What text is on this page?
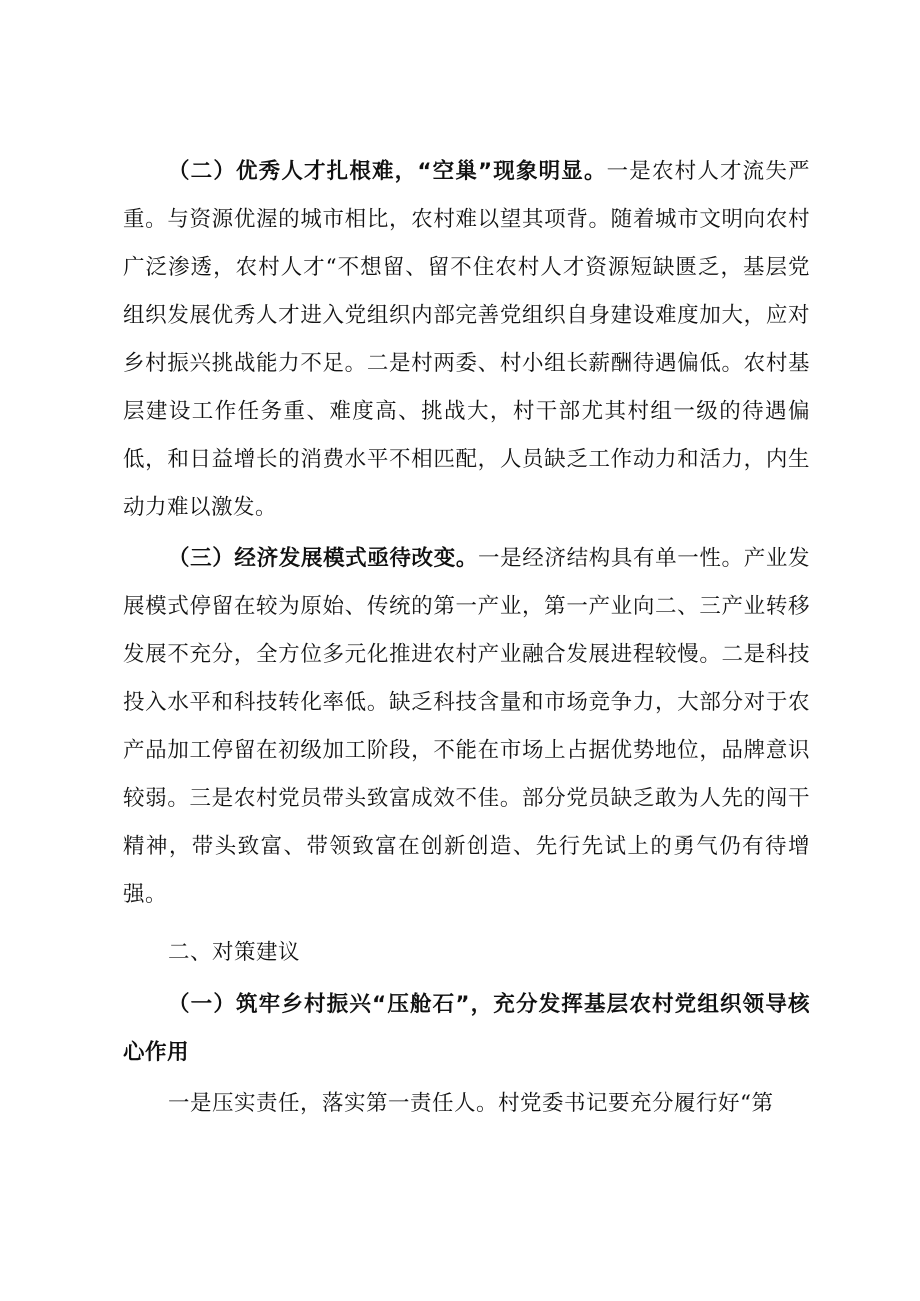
（二）优秀人才扎根难，“空巢”现象明显。一是农村人才流失严重。与资源优渥的城市相比，农村难以望其项背。随着城市文明向农村广泛渗透，农村人才“不想留、留不住农村人才资源短缺匮乏，基层党组织发展优秀人才进入党组织内部完善党组织自身建设难度加大，应对乡村振兴挑战能力不足。二是村两委、村小组长薪酬待遇偏低。农村基层建设工作任务重、难度高、挑战大，村干部尤其村组一级的待遇偏低，和日益增长的消费水平不相匹配，人员缺乏工作动力和活力，内生动力难以激发。

（三）经济发展模式亟待改变。一是经济结构具有单一性。产业发展模式停留在较为原始、传统的第一产业，第一产业向二、三产业转移发展不充分，全方位多元化推进农村产业融合发展进程较慢。二是科技投入水平和科技转化率低。缺乏科技含量和市场竞争力，大部分对于农产品加工停留在初级加工阶段，不能在市场上占据优势地位，品牌意识较弱。三是农村党员带头致富成效不佳。部分党员缺乏敢为人先的闯干精神，带头致富、带领致富在创新创造、先行先试上的勇气仍有待增强。

二、对策建议

（一）筑牢乡村振兴“压舱石”，充分发挥基层农村党组织领导核心作用

一是压实责任，落实第一责任人。村党委书记要充分履行好“第
